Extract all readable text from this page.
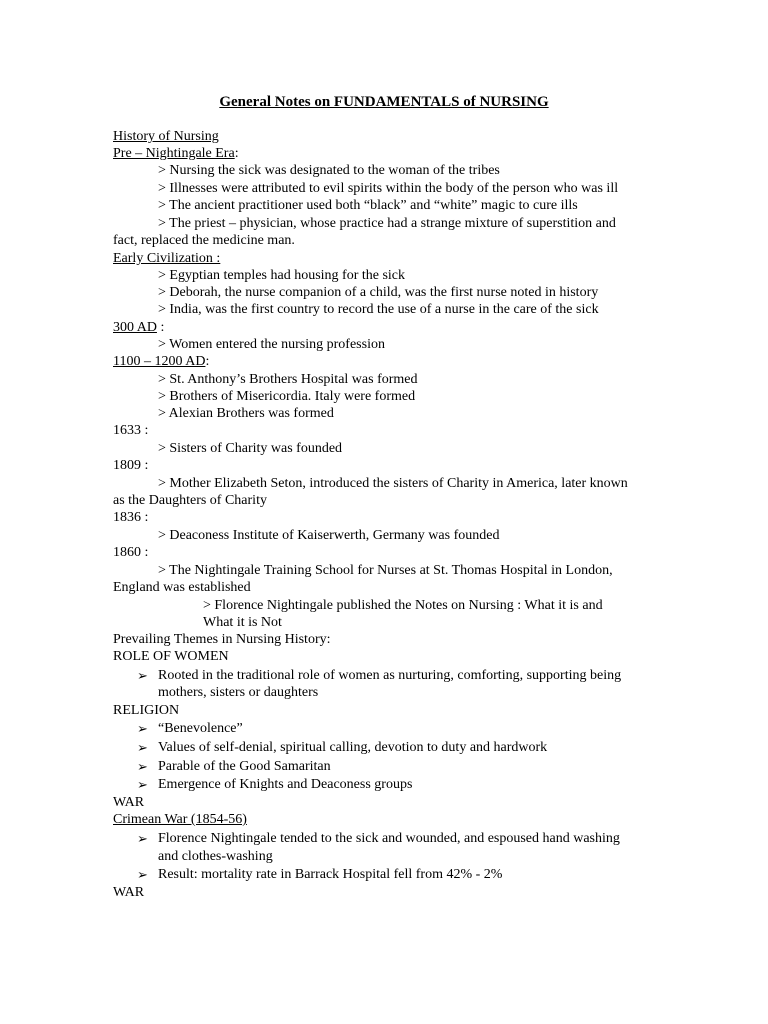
General Notes on FUNDAMENTALS of NURSING
History of Nursing
Pre – Nightingale Era:
> Nursing the sick was designated to the woman of the tribes
> Illnesses were attributed to evil spirits within the body of the person who was ill
> The ancient practitioner used both “black” and “white” magic to cure ills
> The priest – physician, whose practice had a strange mixture of superstition and
fact, replaced the medicine man.
Early Civilization :
> Egyptian temples had housing for the sick
> Deborah, the nurse companion of a child, was the first nurse noted in history
> India, was the first country to record the use of a nurse in the care of the sick
300 AD :
> Women entered the nursing profession
1100 – 1200 AD:
> St. Anthony’s Brothers Hospital was formed
> Brothers of Misericordia. Italy were formed
> Alexian Brothers was formed
1633 :
> Sisters of Charity was founded
1809 :
> Mother Elizabeth Seton, introduced the sisters of Charity in America, later known
as the Daughters of Charity
1836 :
> Deaconess Institute of Kaiserwerth, Germany was founded
1860 :
> The Nightingale Training School for Nurses at St. Thomas Hospital in London,
England was established
> Florence Nightingale published the Notes on Nursing : What it is and
What it is Not
Prevailing Themes in Nursing History:
ROLE OF WOMEN
➢ Rooted in the traditional role of women as nurturing, comforting, supporting being
mothers, sisters or daughters
RELIGION
➢ “Benevolence”
➢ Values of self-denial, spiritual calling, devotion to duty and hardwork
➢ Parable of the Good Samaritan
➢ Emergence of Knights and Deaconess groups
WAR
Crimean War (1854-56)
➢ Florence Nightingale tended to the sick and wounded, and espoused hand washing
and clothes-washing
➢ Result: mortality rate in Barrack Hospital fell from 42% - 2%
WAR
